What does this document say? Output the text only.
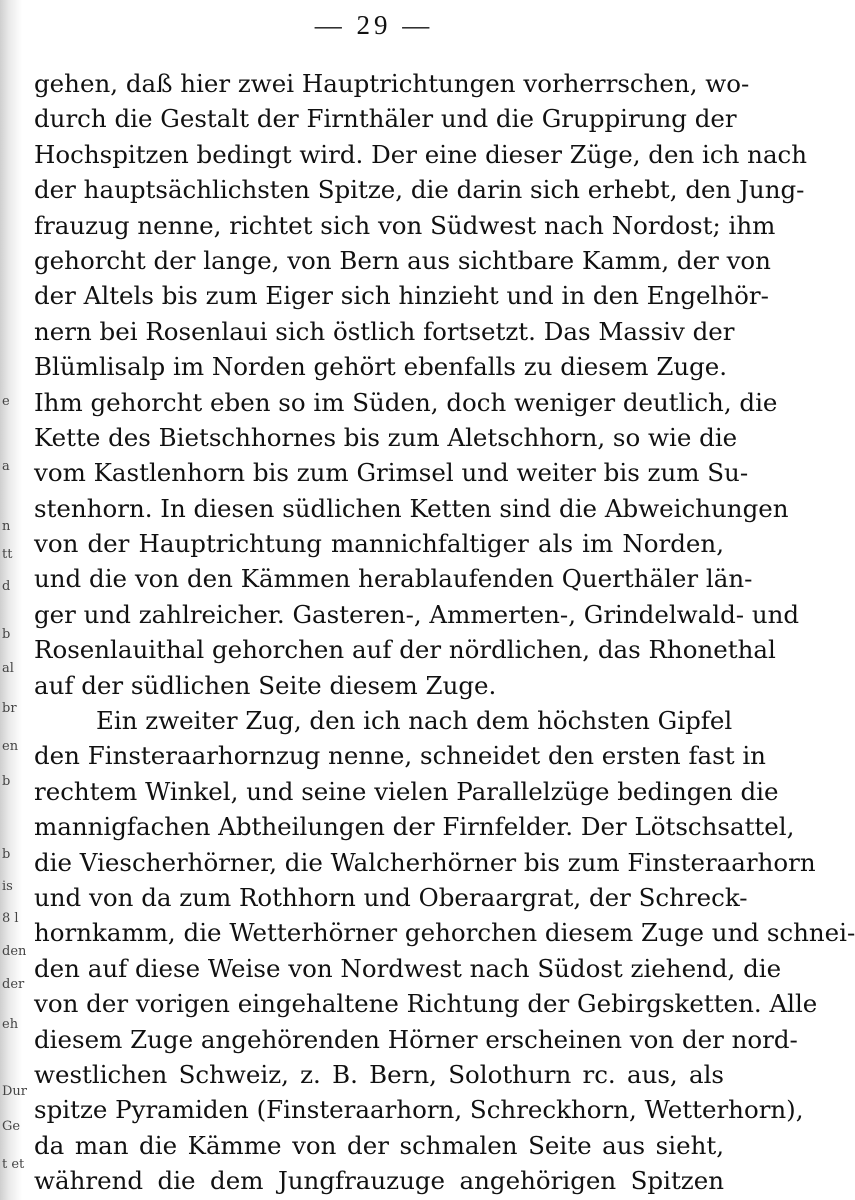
e
a
n
tt
d
b
al
br
en
b
b
is
8 l
den
der
eh
Dur
Ge
t et
— 29 —
gehen, daß hier zwei Hauptrichtungen vorherrschen, wo-
durch die Gestalt der Firnthäler und die Gruppirung der
Hochspitzen bedingt wird. Der eine dieser Züge, den ich nach
der hauptsächlichsten Spitze, die darin sich erhebt, den Jung-
frauzug nenne, richtet sich von Südwest nach Nordost; ihm
gehorcht der lange, von Bern aus sichtbare Kamm, der von
der Altels bis zum Eiger sich hinzieht und in den Engelhör-
nern bei Rosenlaui sich östlich fortsetzt. Das Massiv der
Blümlisalp im Norden gehört ebenfalls zu diesem Zuge.
Ihm gehorcht eben so im Süden, doch weniger deutlich, die
Kette des Bietschhornes bis zum Aletschhorn, so wie die
vom Kastlenhorn bis zum Grimsel und weiter bis zum Su-
stenhorn. In diesen südlichen Ketten sind die Abweichungen
von der Hauptrichtung mannichfaltiger als im Norden,
und die von den Kämmen herablaufenden Querthäler län-
ger und zahlreicher. Gasteren-, Ammerten-, Grindelwald- und
Rosenlauithal gehorchen auf der nördlichen, das Rhonethal
auf der südlichen Seite diesem Zuge.
Ein zweiter Zug, den ich nach dem höchsten Gipfel
den Finsteraarhornzug nenne, schneidet den ersten fast in
rechtem Winkel, und seine vielen Parallelzüge bedingen die
mannigfachen Abtheilungen der Firnfelder. Der Lötschsattel,
die Viescherhörner, die Walcherhörner bis zum Finsteraarhorn
und von da zum Rothhorn und Oberaargrat, der Schreck-
hornkamm, die Wetterhörner gehorchen diesem Zuge und schnei-
den auf diese Weise von Nordwest nach Südost ziehend, die
von der vorigen eingehaltene Richtung der Gebirgsketten. Alle
diesem Zuge angehörenden Hörner erscheinen von der nord-
westlichen Schweiz, z. B. Bern, Solothurn rc. aus, als
spitze Pyramiden (Finsteraarhorn, Schreckhorn, Wetterhorn),
da man die Kämme von der schmalen Seite aus sieht,
während die dem Jungfrauzuge angehörigen Spitzen
